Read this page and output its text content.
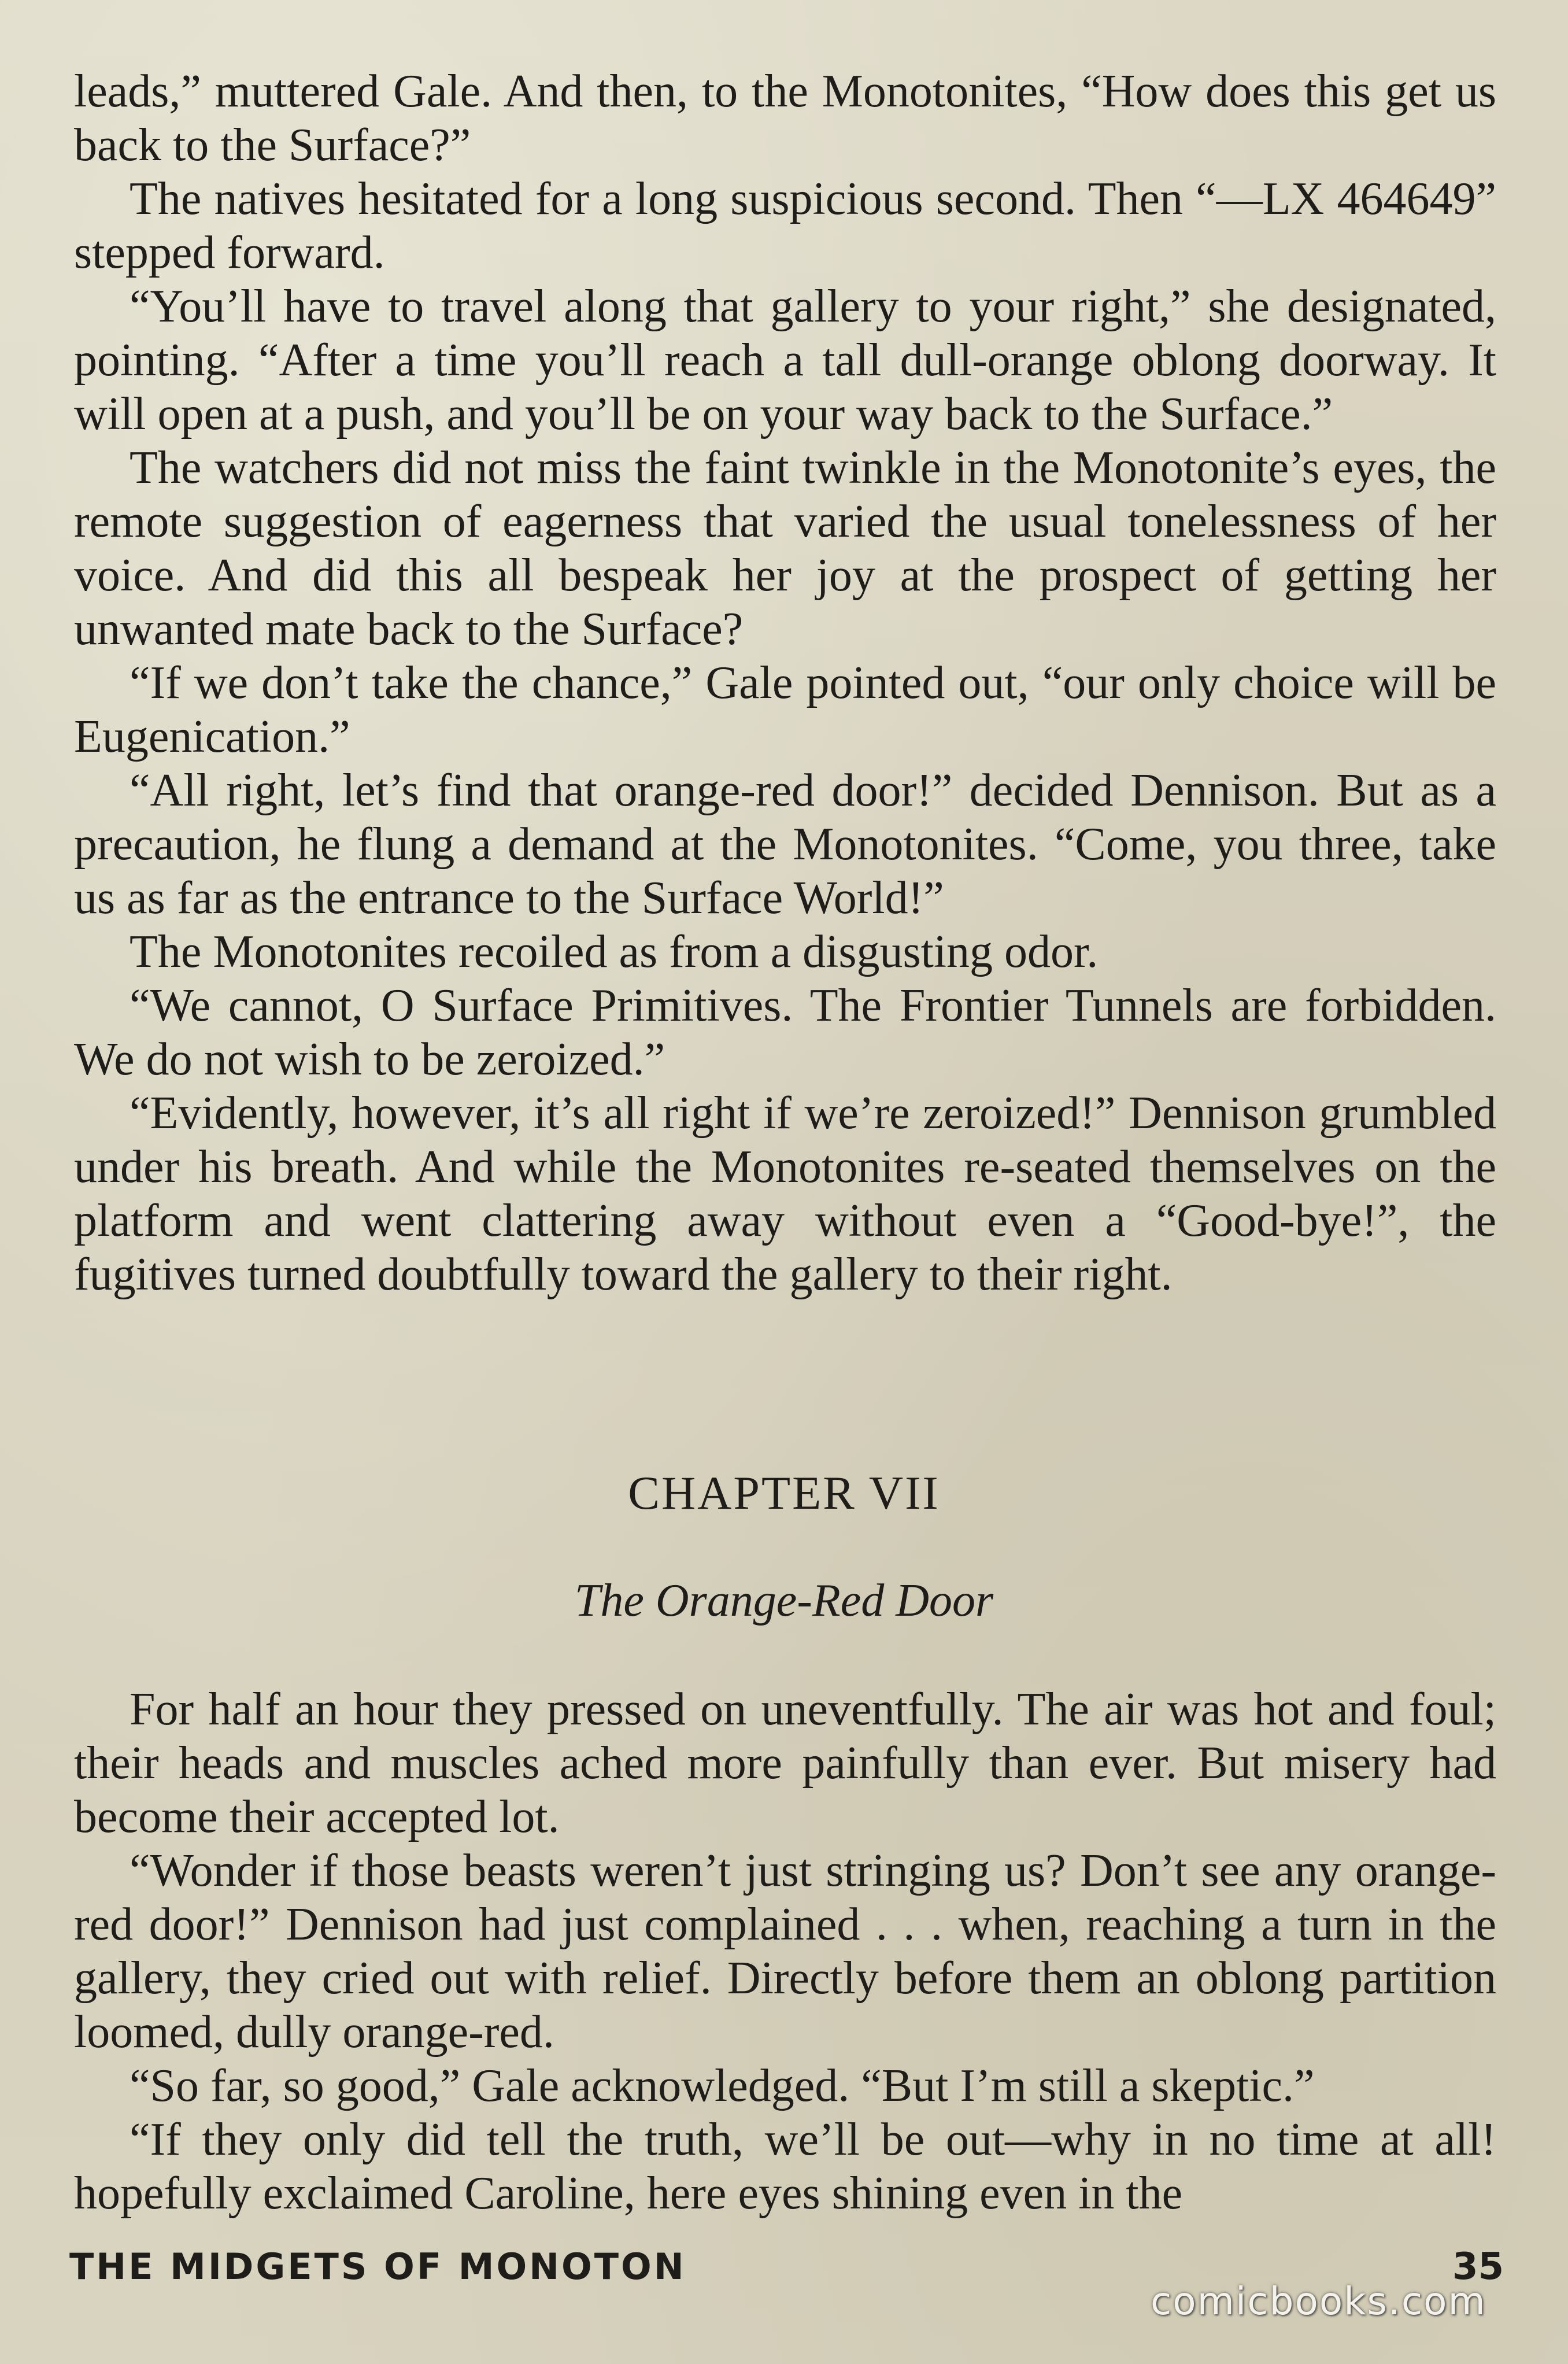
leads,” muttered Gale. And then, to the Monotonites, “How does this get us back to the Surface?”

The natives hesitated for a long suspicious second. Then “—LX 464649” stepped forward.

“You’ll have to travel along that gallery to your right,” she designated, pointing. “After a time you’ll reach a tall dull-orange oblong doorway. It will open at a push, and you’ll be on your way back to the Surface.”

The watchers did not miss the faint twinkle in the Monotonite’s eyes, the remote suggestion of eagerness that varied the usual tonelessness of her voice. And did this all bespeak her joy at the prospect of getting her unwanted mate back to the Surface?

“If we don’t take the chance,” Gale pointed out, “our only choice will be Eugenication.”

“All right, let’s find that orange-red door!” decided Dennison. But as a precaution, he flung a demand at the Monotonites. “Come, you three, take us as far as the entrance to the Surface World!”

The Monotonites recoiled as from a disgusting odor.

“We cannot, O Surface Primitives. The Frontier Tunnels are forbidden. We do not wish to be zeroized.”

“Evidently, however, it’s all right if we’re zeroized!” Dennison grumbled under his breath. And while the Monotonites re-seated themselves on the platform and went clattering away without even a “Good-bye!”, the fugitives turned doubtfully toward the gallery to their right.

CHAPTER VII
The Orange-Red Door

For half an hour they pressed on uneventfully. The air was hot and foul; their heads and muscles ached more painfully than ever. But misery had become their accepted lot.

“Wonder if those beasts weren’t just stringing us? Don’t see any orange-red door!” Dennison had just complained . . . when, reaching a turn in the gallery, they cried out with relief. Directly before them an oblong partition loomed, dully orange-red.

“So far, so good,” Gale acknowledged. “But I’m still a skeptic.”

“If they only did tell the truth, we’ll be out—why in no time at all! hopefully exclaimed Caroline, here eyes shining even in the

THE MIDGETS OF MONOTON	35
comicbooks.com
